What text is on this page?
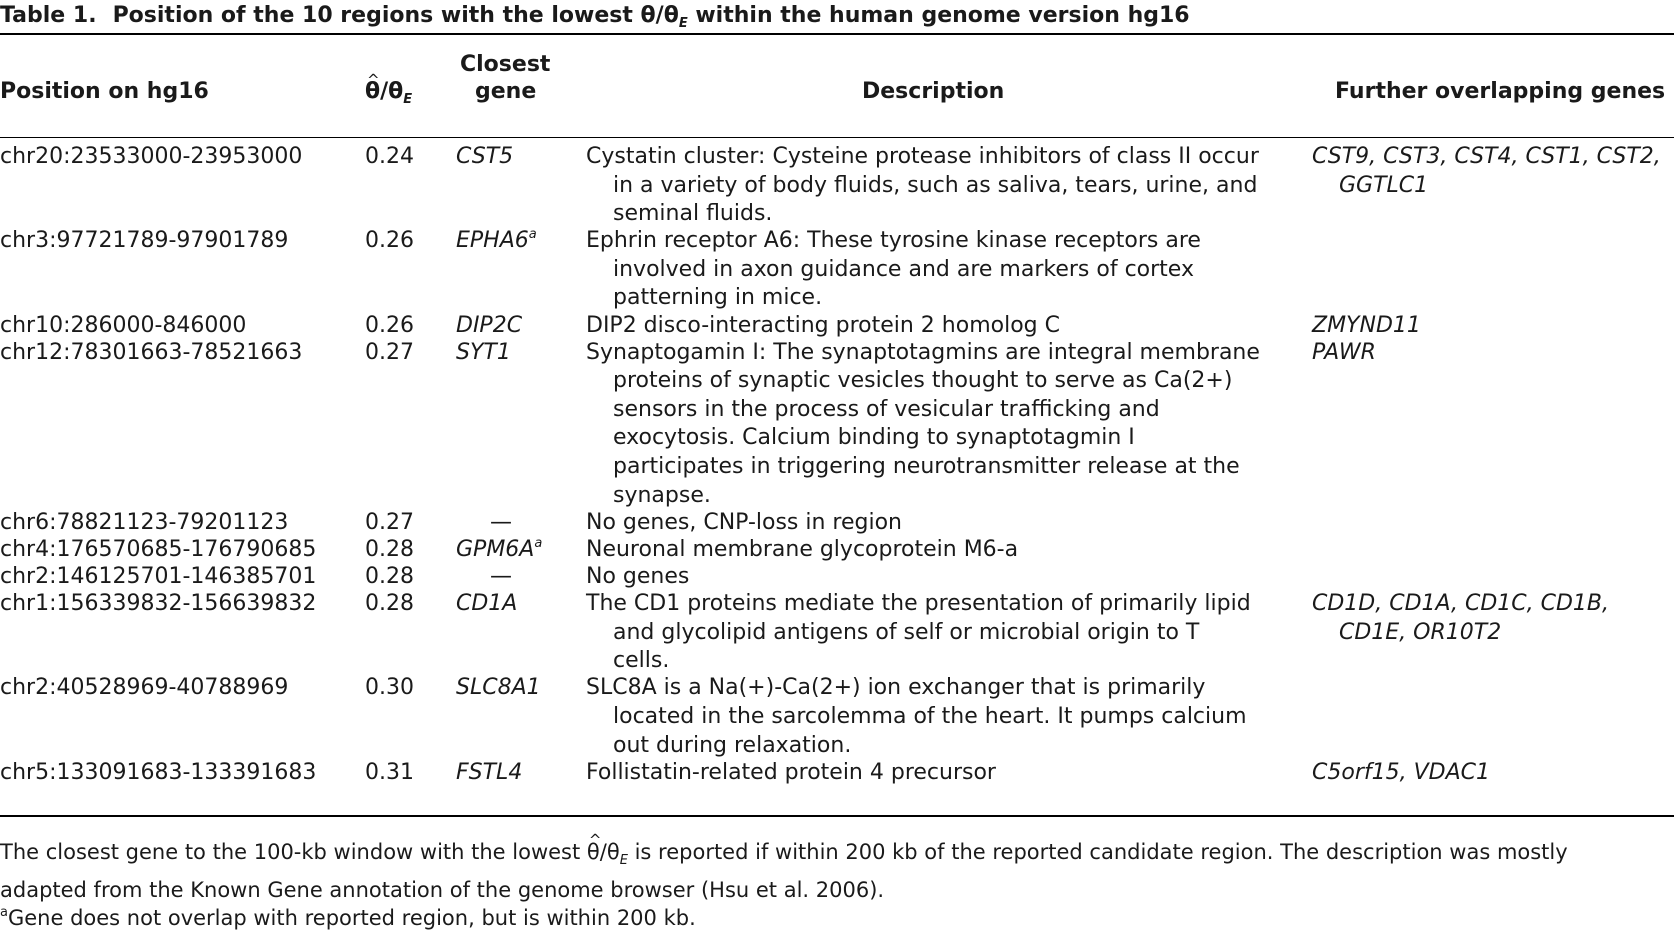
Table 1. Position of the 10 regions with the lowest ^ $\theta/\theta_E$ within the human genome version hg16
Position on hg16
^	$\theta/\theta_E$
Closest
gene	Description	Further overlapping genes
chr20:23533000-23953000	0.24 CST5	Cystatin cluster: Cysteine protease inhibitors of class II occur
in a variety of body fluids, such as saliva, tears, urine, and
seminal fluids.
CST9, CST3, CST4, CST1, CST2,
GGTLC1
chr3:97721789-97901789	0.26 EPHA6$^a$ Ephrin receptor A6: These tyrosine kinase receptors are
involved in axon guidance and are markers of cortex
patterning in mice.
chr10:286000-846000	0.26 DIP2C	DIP2 disco-interacting protein 2 homolog C	ZMYND11
chr12:78301663-78521663	0.27 SYT1	Synaptogamin I: The synaptotagmins are integral membrane
proteins of synaptic vesicles thought to serve as Ca(2+)
sensors in the process of vesicular trafficking and
exocytosis. Calcium binding to synaptotagmin I
participates in triggering neurotransmitter release at the
synapse.
PAWR
chr6:78821123-79201123	0.27	—	No genes, CNP-loss in region
chr4:176570685-176790685 0.28 $GPM6A^a$ Neuronal membrane glycoprotein M6-a
chr2:146125701-146385701 0.28	—	No genes
chr1:156339832-156639832 0.28 CD1A	The CD1 proteins mediate the presentation of primarily lipid
and glycolipid antigens of self or microbial origin to T
cells.
CD1D, CD1A, CD1C, CD1B,
CD1E, OR10T2
chr2:40528969-40788969	0.30 SLC8A1 SLC8A is a Na(+)-Ca(2+) ion exchanger that is primarily
located in the sarcolemma of the heart. It pumps calcium
out during relaxation.
chr5:133091683-133391683 0.31 FSTL4	Follistatin-related protein 4 precursor	C5orf15, VDAC1
The closest gene to the 100-kb window with the lowest ^ $\theta/\theta_E$ is reported if within 200 kb of the reported candidate region. The description was mostly
adapted from the Known Gene annotation of the genome browser (Hsu et al. 2006).
$^a$Gene does not overlap with reported region, but is within 200 kb.
